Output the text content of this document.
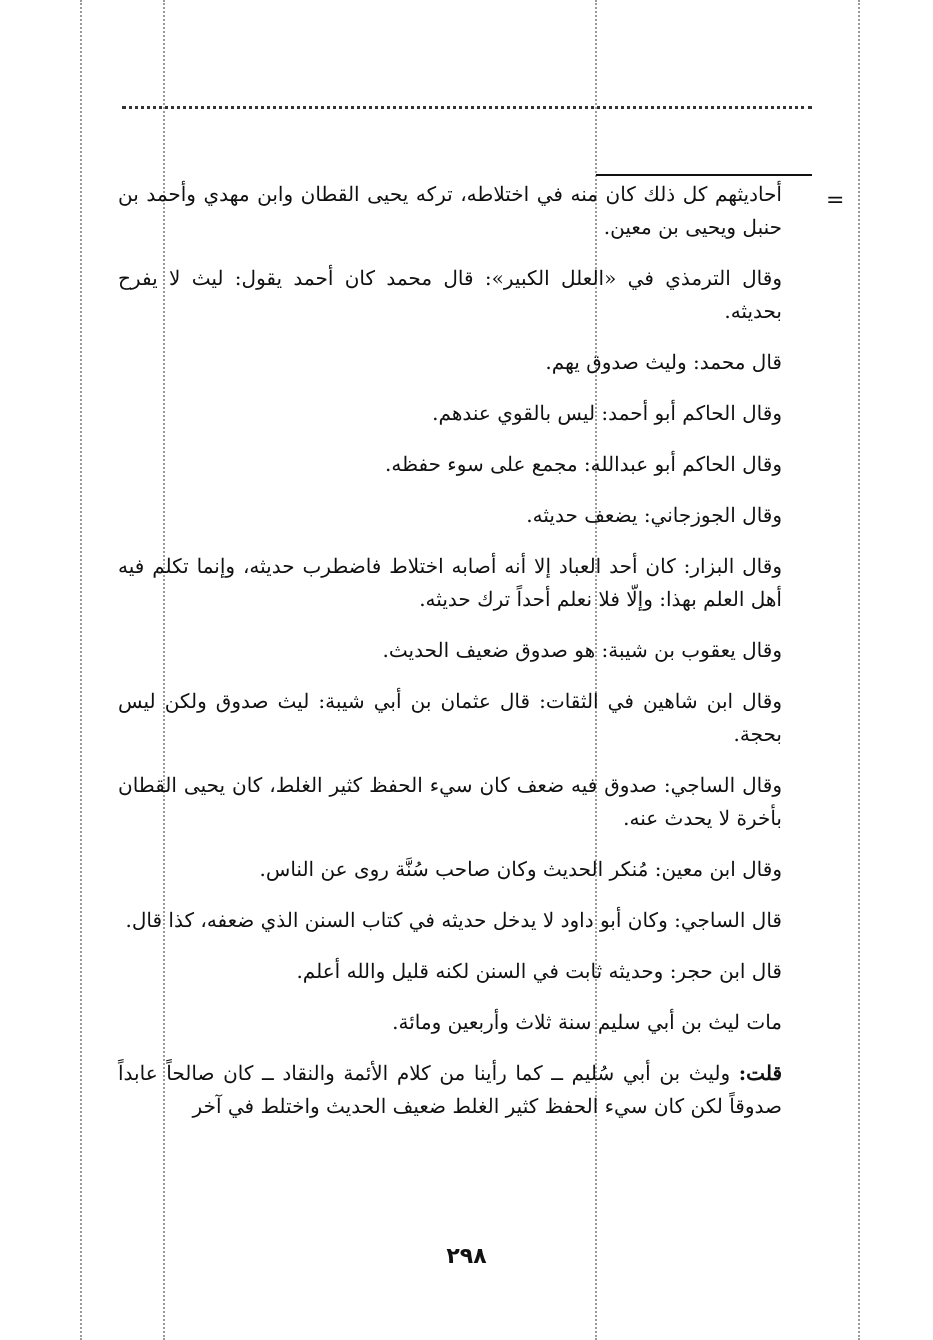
=

أحاديثهم كل ذلك كان منه في اختلاطه، تركه يحيى القطان وابن مهدي وأحمد بن حنبل ويحيى بن معين.

وقال الترمذي في «العلل الكبير»: قال محمد كان أحمد يقول: ليث لا يفرح بحديثه.

قال محمد: وليث صدوق يهم.

وقال الحاكم أبو أحمد: ليس بالقوي عندهم.

وقال الحاكم أبو عبدالله: مجمع على سوء حفظه.

وقال الجوزجاني: يضعف حديثه.

وقال البزار: كان أحد العباد إلا أنه أصابه اختلاط فاضطرب حديثه، وإنما تكلم فيه أهل العلم بهذا: وإلّا فلا نعلم أحداً ترك حديثه.

وقال يعقوب بن شيبة: هو صدوق ضعيف الحديث.

وقال ابن شاهين في الثقات: قال عثمان بن أبي شيبة: ليث صدوق ولكن ليس بحجة.

وقال الساجي: صدوق فيه ضعف كان سيء الحفظ كثير الغلط، كان يحيى القطان بأخرة لا يحدث عنه.

وقال ابن معين: مُنكر الحديث وكان صاحب سُنَّة روى عن الناس.

قال الساجي: وكان أبو داود لا يدخل حديثه في كتاب السنن الذي ضعفه، كذا قال.

قال ابن حجر: وحديثه ثابت في السنن لكنه قليل والله أعلم.

مات ليث بن أبي سليم سنة ثلاث وأربعين ومائة.

قلت: وليث بن أبي سُليم ــ كما رأينا من كلام الأئمة والنقاد ــ كان صالحاً عابداً صدوقاً لكن كان سيء الحفظ كثير الغلط ضعيف الحديث واختلط في آخر

٢٩٨
